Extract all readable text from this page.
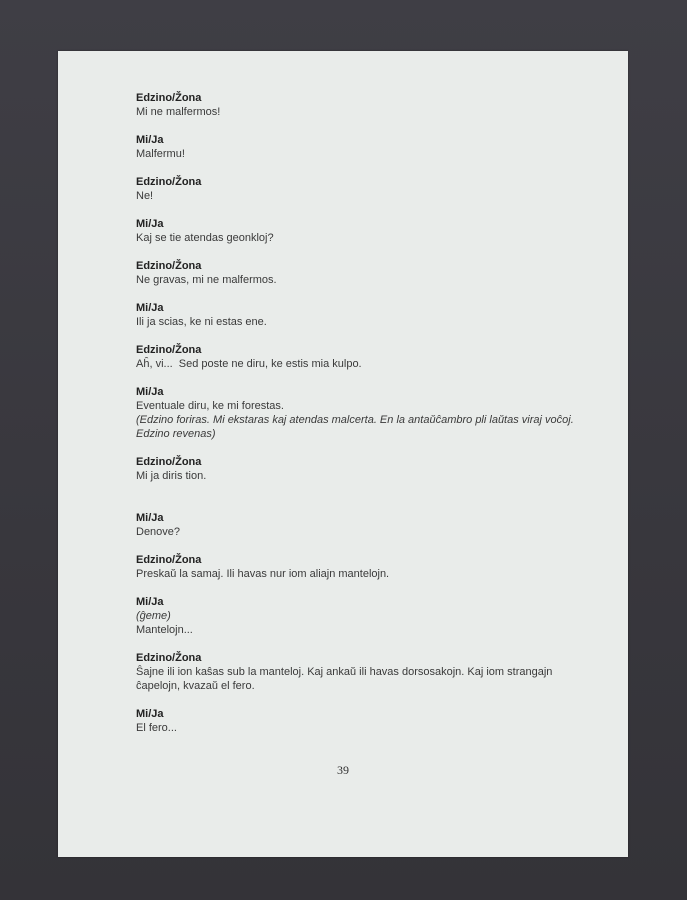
Edzino/Žona
Mi ne malfermos!
Mi/Ja
Malfermu!
Edzino/Žona
Ne!
Mi/Ja
Kaj se tie atendas geonkloj?
Edzino/Žona
Ne gravas, mi ne malfermos.
Mi/Ja
Ili ja scias, ke ni estas ene.
Edzino/Žona
Aĥ, vi...  Sed poste ne diru, ke estis mia kulpo.
Mi/Ja
Eventuale diru, ke mi forestas.
(Edzino foriras. Mi ekstaras kaj atendas malcerta. En la antaŭĉambro pli laŭtas viraj voĉoj.
Edzino revenas)
Edzino/Žona
Mi ja diris tion.
Mi/Ja
Denove?
Edzino/Žona
Preskaŭ la samaj. Ili havas nur iom aliajn mantelojn.
Mi/Ja
(ĝeme)
Mantelojn...
Edzino/Žona
Ŝajne ili ion kaŝas sub la manteloj. Kaj ankaŭ ili havas dorsosakojn. Kaj iom strangajn
ĉapelojn, kvazaŭ el fero.
Mi/Ja
El fero...
39
